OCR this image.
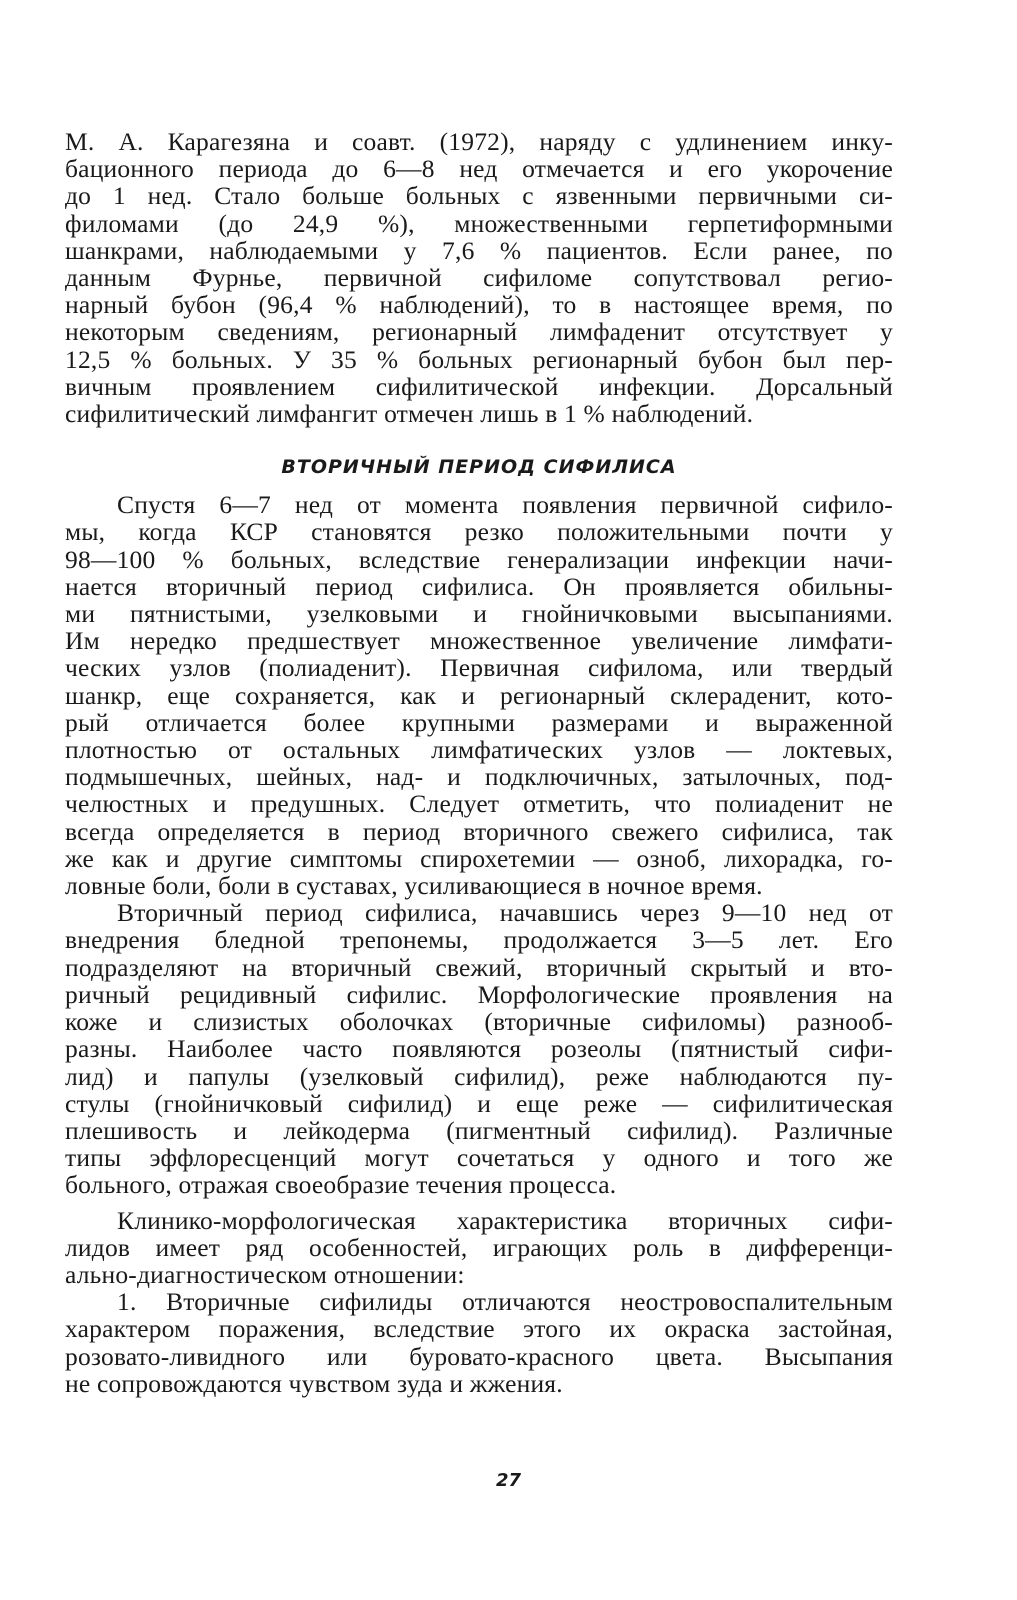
М. А. Карагезяна и соавт. (1972), наряду с удлинением инку-
бационного периода до 6—8 нед отмечается и его укорочение
до 1 нед. Стало больше больных с язвенными первичными си-
филомами (до 24,9 %), множественными герпетиформными
шанкрами, наблюдаемыми у 7,6 % пациентов. Если ранее, по
данным Фурнье, первичной сифиломе сопутствовал регио-
нарный бубон (96,4 % наблюдений), то в настоящее время, по
некоторым сведениям, регионарный лимфаденит отсутствует у
12,5 % больных. У 35 % больных регионарный бубон был пер-
вичным проявлением сифилитической инфекции. Дорсальный
сифилитический лимфангит отмечен лишь в 1 % наблюдений.
ВТОРИЧНЫЙ ПЕРИОД СИФИЛИСА
Спустя 6—7 нед от момента появления первичной сифило-
мы, когда КСР становятся резко положительными почти у
98—100 % больных, вследствие генерализации инфекции начи-
нается вторичный период сифилиса. Он проявляется обильны-
ми пятнистыми, узелковыми и гнойничковыми высыпаниями.
Им нередко предшествует множественное увеличение лимфати-
ческих узлов (полиаденит). Первичная сифилома, или твердый
шанкр, еще сохраняется, как и регионарный склераденит, кото-
рый отличается более крупными размерами и выраженной
плотностью от остальных лимфатических узлов — локтевых,
подмышечных, шейных, над- и подключичных, затылочных, под-
челюстных и предушных. Следует отметить, что полиаденит не
всегда определяется в период вторичного свежего сифилиса, так
же как и другие симптомы спирохетемии — озноб, лихорадка, го-
ловные боли, боли в суставах, усиливающиеся в ночное время.
Вторичный период сифилиса, начавшись через 9—10 нед от
внедрения бледной трепонемы, продолжается 3—5 лет. Его
подразделяют на вторичный свежий, вторичный скрытый и вто-
ричный рецидивный сифилис. Морфологические проявления на
коже и слизистых оболочках (вторичные сифиломы) разнооб-
разны. Наиболее часто появляются розеолы (пятнистый сифи-
лид) и папулы (узелковый сифилид), реже наблюдаются пу-
стулы (гнойничковый сифилид) и еще реже — сифилитическая
плешивость и лейкодерма (пигментный сифилид). Различные
типы эффлоресценций могут сочетаться у одного и того же
больного, отражая своеобразие течения процесса.
Клинико-морфологическая характеристика вторичных сифи-
лидов имеет ряд особенностей, играющих роль в дифференци-
ально-диагностическом отношении:
1. Вторичные сифилиды отличаются неостровоспалительным
характером поражения, вследствие этого их окраска застойная,
розовато-ливидного или буровато-красного цвета. Высыпания
не сопровождаются чувством зуда и жжения.
27
